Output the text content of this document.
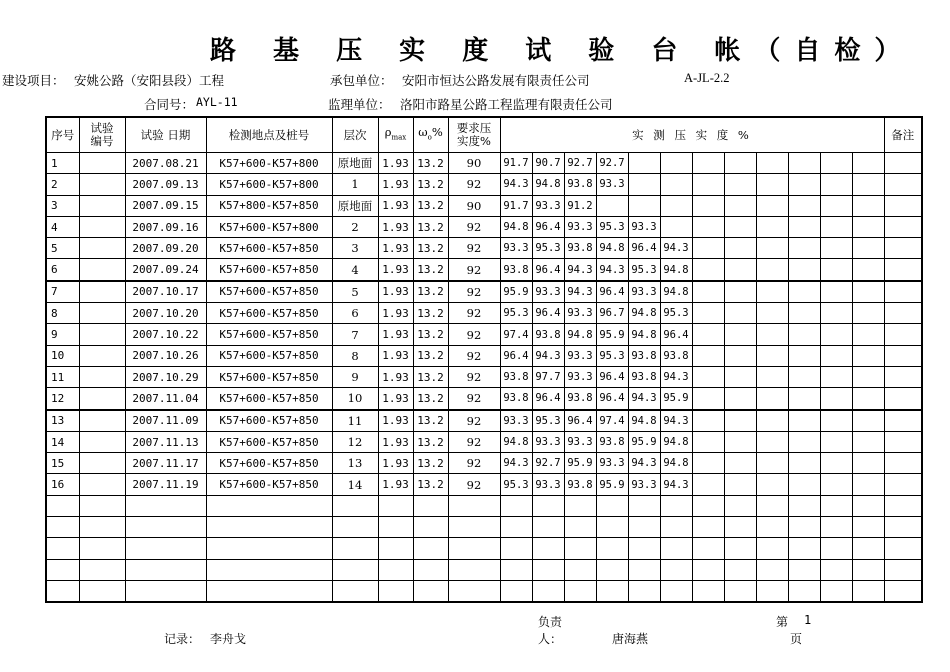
路 基 压 实 度 试 验 台 帐（自检）
建设项目： 安姚公路（安阳县段）工程	承包单位： 安阳市恒达公路发展有限责任公司	A-JL-2.2
合同号： AYL-11	监理单位： 洛阳市路星公路工程监理有限责任公司
序号	试验编号	试验 日期	检测地点及桩号	层次	$\rho_{max}$	$\omega_o\%$	要求压实度%	实 测 压 实 度 %												备注
1		2007.08.21	K57+600-K57+800	原地面	1.93	13.2	90	91.7	90.7	92.7	92.7									
2		2007.09.13	K57+600-K57+800	1	1.93	13.2	92	94.3	94.8	93.8	93.3									
3		2007.09.15	K57+800-K57+850	原地面	1.93	13.2	90	91.7	93.3	91.2										
4		2007.09.16	K57+600-K57+800	2	1.93	13.2	92	94.8	96.4	93.3	95.3	93.3								
5		2007.09.20	K57+600-K57+850	3	1.93	13.2	92	93.3	95.3	93.8	94.8	96.4	94.3							
6		2007.09.24	K57+600-K57+850	4	1.93	13.2	92	93.8	96.4	94.3	94.3	95.3	94.8							
7		2007.10.17	K57+600-K57+850	5	1.93	13.2	92	95.9	93.3	94.3	96.4	93.3	94.8							
8		2007.10.20	K57+600-K57+850	6	1.93	13.2	92	95.3	96.4	93.3	96.7	94.8	95.3							
9		2007.10.22	K57+600-K57+850	7	1.93	13.2	92	97.4	93.8	94.8	95.9	94.8	96.4							
10		2007.10.26	K57+600-K57+850	8	1.93	13.2	92	96.4	94.3	93.3	95.3	93.8	93.8							
11		2007.10.29	K57+600-K57+850	9	1.93	13.2	92	93.8	97.7	93.3	96.4	93.8	94.3							
12		2007.11.04	K57+600-K57+850	10	1.93	13.2	92	93.8	96.4	93.8	96.4	94.3	95.9							
13		2007.11.09	K57+600-K57+850	11	1.93	13.2	92	93.3	95.3	96.4	97.4	94.8	94.3							
14		2007.11.13	K57+600-K57+850	12	1.93	13.2	92	94.8	93.3	93.3	93.8	95.9	94.8							
15		2007.11.17	K57+600-K57+850	13	1.93	13.2	92	94.3	92.7	95.9	93.3	94.3	94.8							
16		2007.11.19	K57+600-K57+850	14	1.93	13.2	92	95.3	93.3	93.8	95.9	93.3	94.3							

记录： 李舟戈
负责
人：	唐海燕
第 1
页
